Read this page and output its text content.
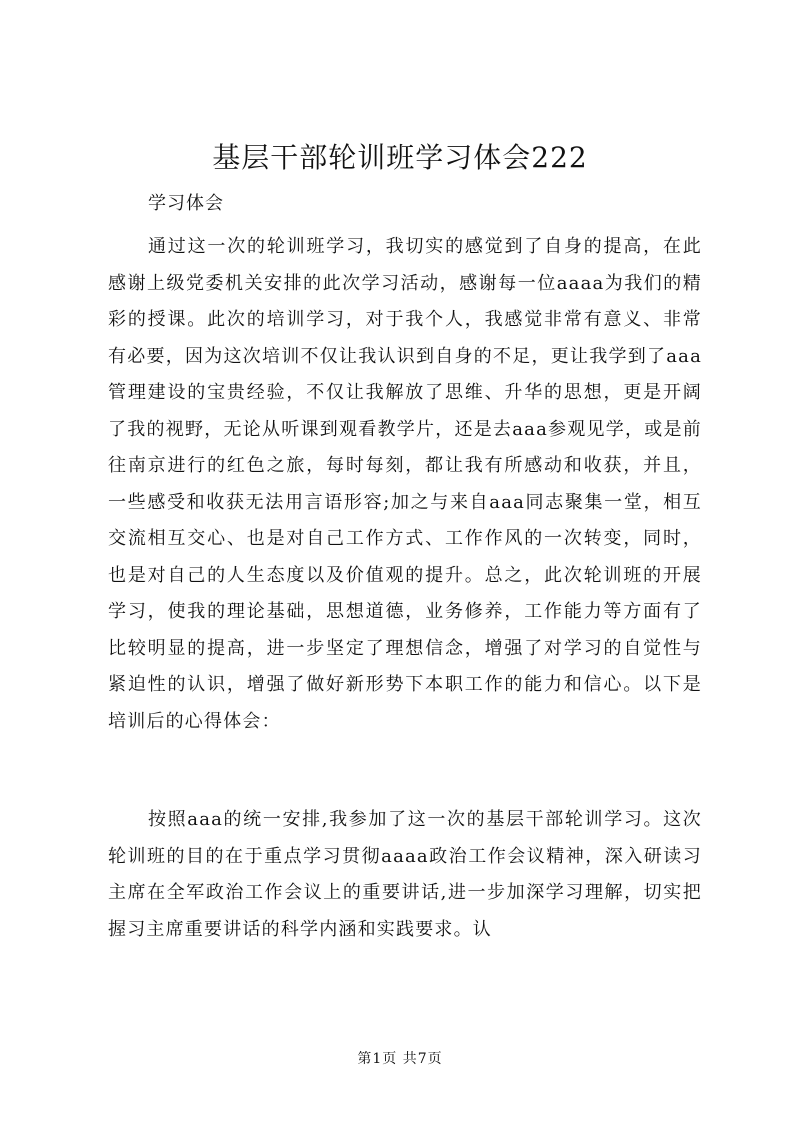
基层干部轮训班学习体会222

学习体会

通过这一次的轮训班学习，我切实的感觉到了自身的提高，在此感谢上级党委机关安排的此次学习活动，感谢每一位aaaa为我们的精彩的授课。此次的培训学习，对于我个人，我感觉非常有意义、非常有必要，因为这次培训不仅让我认识到自身的不足，更让我学到了aaa管理建设的宝贵经验，不仅让我解放了思维、升华的思想，更是开阔了我的视野，无论从听课到观看教学片，还是去aaa参观见学，或是前往南京进行的红色之旅，每时每刻，都让我有所感动和收获，并且，一些感受和收获无法用言语形容;加之与来自aaa同志聚集一堂，相互交流相互交心、也是对自己工作方式、工作作风的一次转变，同时，也是对自己的人生态度以及价值观的提升。总之，此次轮训班的开展学习，使我的理论基础，思想道德，业务修养，工作能力等方面有了比较明显的提高，进一步坚定了理想信念，增强了对学习的自觉性与紧迫性的认识，增强了做好新形势下本职工作的能力和信心。以下是培训后的心得体会：

按照aaa的统一安排,我参加了这一次的基层干部轮训学习。这次轮训班的目的在于重点学习贯彻aaaa政治工作会议精神，深入研读习主席在全军政治工作会议上的重要讲话,进一步加深学习理解，切实把握习主席重要讲话的科学内涵和实践要求。认

第1页 共7页
